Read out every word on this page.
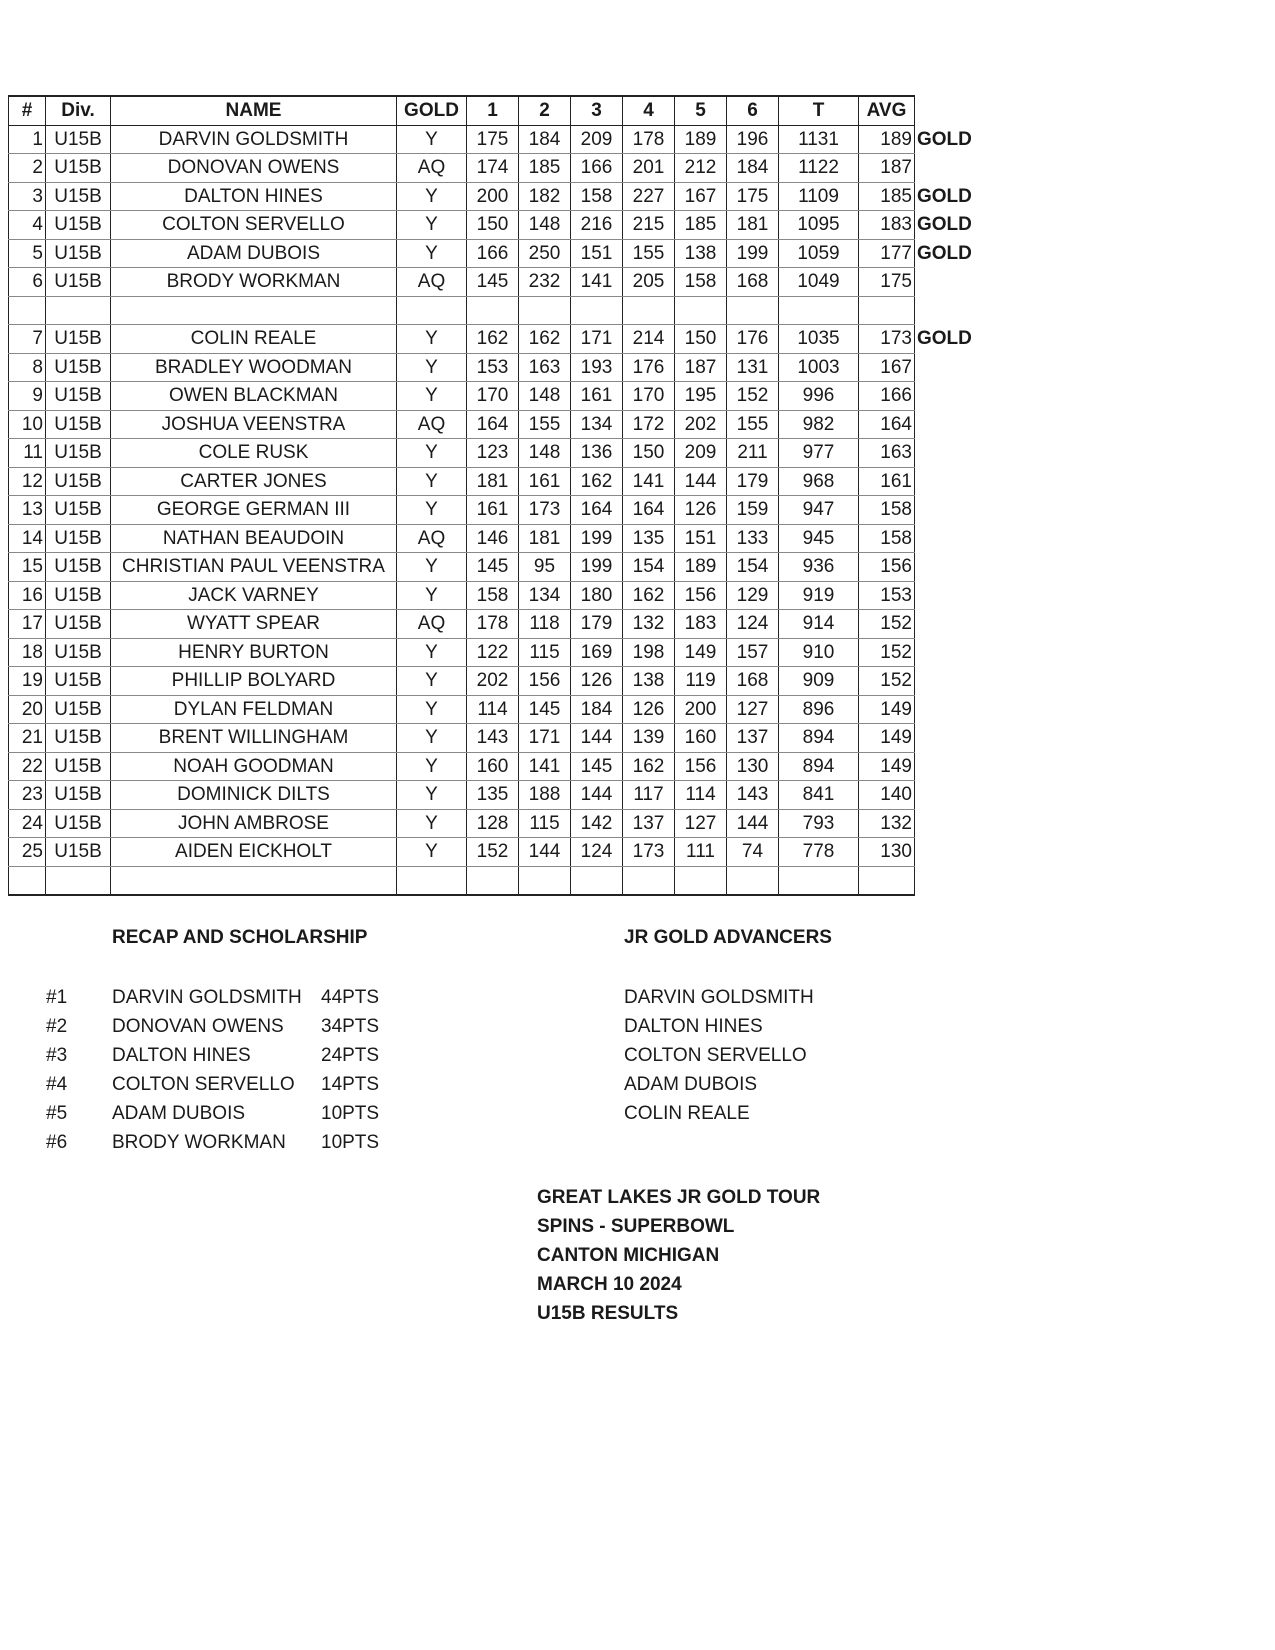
#	Div.	NAME	GOLD	1	2	3	4	5	6	T	AVG	
1	U15B	DARVIN GOLDSMITH	Y	175	184	209	178	189	196	1131	189	GOLD
2	U15B	DONOVAN OWENS	AQ	174	185	166	201	212	184	1122	187	
3	U15B	DALTON HINES	Y	200	182	158	227	167	175	1109	185	GOLD
4	U15B	COLTON SERVELLO	Y	150	148	216	215	185	181	1095	183	GOLD
5	U15B	ADAM DUBOIS	Y	166	250	151	155	138	199	1059	177	GOLD
6	U15B	BRODY WORKMAN	AQ	145	232	141	205	158	168	1049	175	

7	U15B	COLIN REALE	Y	162	162	171	214	150	176	1035	173	GOLD
8	U15B	BRADLEY WOODMAN	Y	153	163	193	176	187	131	1003	167	
9	U15B	OWEN BLACKMAN	Y	170	148	161	170	195	152	996	166	
10	U15B	JOSHUA VEENSTRA	AQ	164	155	134	172	202	155	982	164	
11	U15B	COLE RUSK	Y	123	148	136	150	209	211	977	163	
12	U15B	CARTER JONES	Y	181	161	162	141	144	179	968	161	
13	U15B	GEORGE GERMAN III	Y	161	173	164	164	126	159	947	158	
14	U15B	NATHAN BEAUDOIN	AQ	146	181	199	135	151	133	945	158	
15	U15B	CHRISTIAN PAUL VEENSTRA	Y	145	95	199	154	189	154	936	156	
16	U15B	JACK VARNEY	Y	158	134	180	162	156	129	919	153	
17	U15B	WYATT SPEAR	AQ	178	118	179	132	183	124	914	152	
18	U15B	HENRY BURTON	Y	122	115	169	198	149	157	910	152	
19	U15B	PHILLIP BOLYARD	Y	202	156	126	138	119	168	909	152	
20	U15B	DYLAN FELDMAN	Y	114	145	184	126	200	127	896	149	
21	U15B	BRENT WILLINGHAM	Y	143	171	144	139	160	137	894	149	
22	U15B	NOAH GOODMAN	Y	160	141	145	162	156	130	894	149	
23	U15B	DOMINICK DILTS	Y	135	188	144	117	114	143	841	140	
24	U15B	JOHN AMBROSE	Y	128	115	142	137	127	144	793	132	
25	U15B	AIDEN EICKHOLT	Y	152	144	124	173	111	74	778	130	

RECAP AND SCHOLARSHIP	JR GOLD ADVANCERS
#1 DARVIN GOLDSMITH 44PTS
#2 DONOVAN OWENS 34PTS
#3 DALTON HINES	24PTS
#4 COLTON SERVELLO 14PTS
#5 ADAM DUBOIS	10PTS
#6 BRODY WORKMAN 10PTS
DARVIN GOLDSMITH
DALTON HINES
COLTON SERVELLO
ADAM DUBOIS
COLIN REALE
GREAT LAKES JR GOLD TOUR
SPINS - SUPERBOWL
CANTON MICHIGAN
MARCH 10 2024
U15B RESULTS
